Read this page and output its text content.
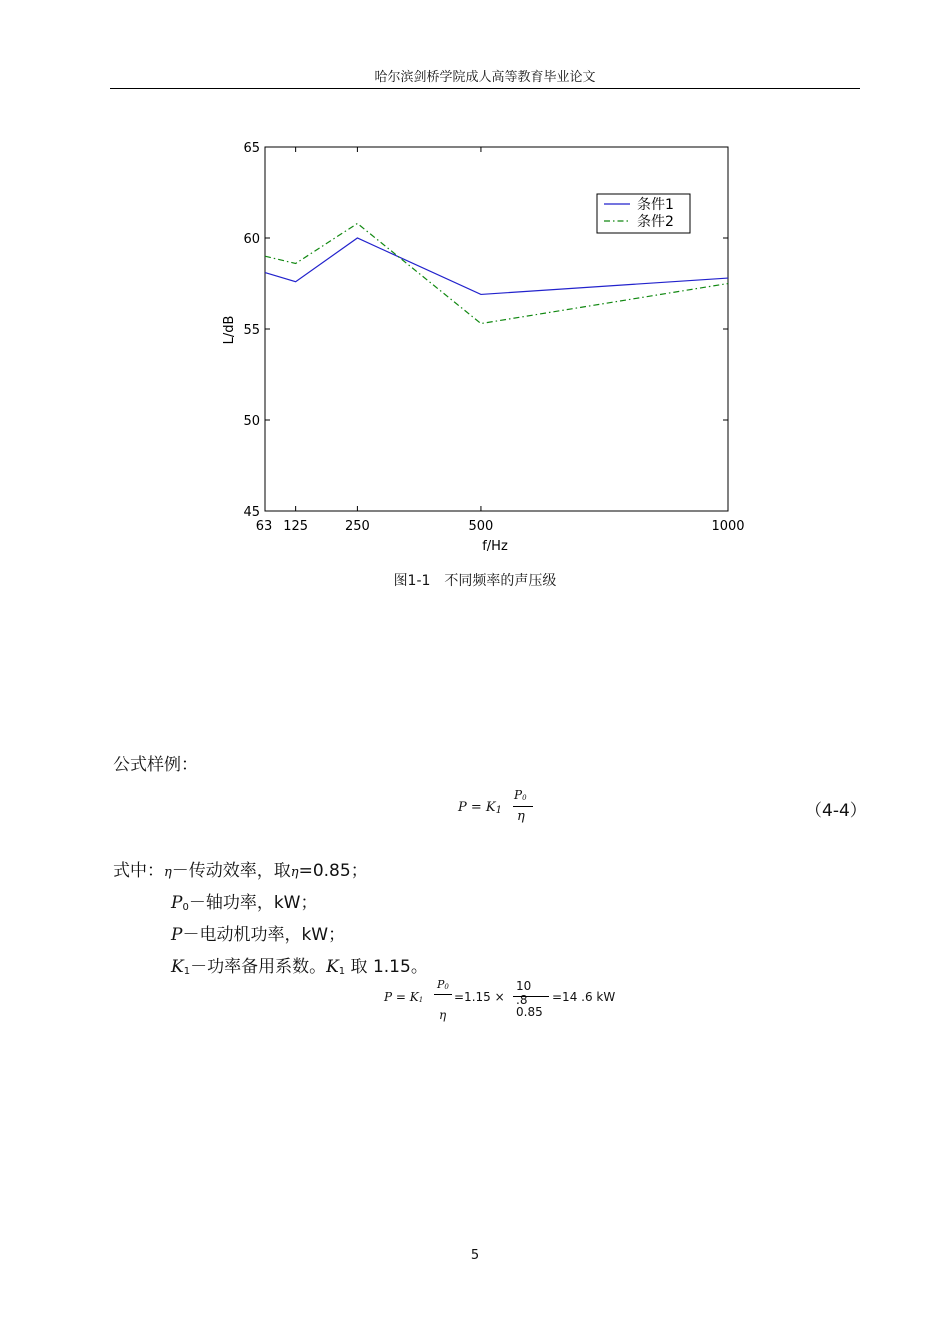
哈尔滨剑桥学院成人高等教育毕业论文
63 125	250	500	1000
45
50
55
60
65
条件1
条件2
f/Hz
L/dB
图1-1　不同频率的声压级
公式样例：
$P = K_1$
P0
η	（4-4）
式中：η－传动效率，取η=0.85；
$P_0-$轴功率，kW；
P－电动机功率，kW；
$K_1-$功率备用系数。$K_1$ 取 1.15。
P = K1
P0
η
=1.15 ×
10 .8
0.85
=14 .6 kW
5
